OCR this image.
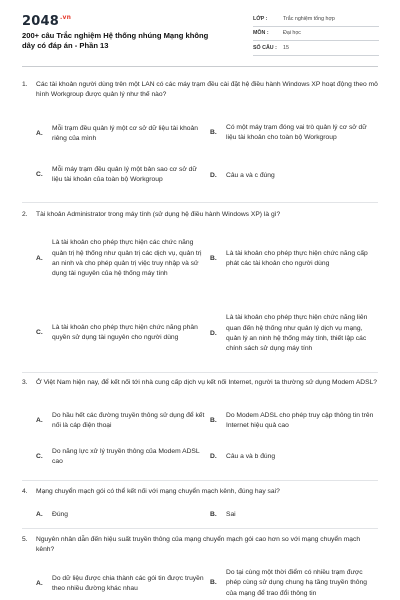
$2048^{.vn}$
200+ câu Trắc nghiệm Hệ thống nhúng Mạng không dây có đáp án - Phần 13
LỚP :	Trắc nghiệm tổng hợp
MÔN :	Đại học
SỐ CÂU :	15
1.	Các tài khoản người dùng trên một LAN có các máy trạm đều cài đặt hệ điều hành Windows XP hoạt động theo mô hình Workgroup được quản lý như thế nào?
A.
Mỗi trạm đều quản lý một cơ sở dữ liệu tài khoản riêng của mình
B.
Có một máy trạm đóng vai trò quản lý cơ sở dữ liệu tài khoản cho toàn bộ Workgroup
C.
Mỗi máy trạm đều quản lý một bản sao cơ sở dữ liệu tài khoản của toàn bộ Workgroup
D.	Câu a và c đúng
2.	Tài khoản Administrator trong máy tính (sử dụng hệ điều hành Windows XP) là gì?
A.
Là tài khoản cho phép thực hiện các chức năng quản trị hệ thống như quản trị các dịch vụ, quản trị an ninh và cho phép quản trị việc truy nhập và sử dụng tài nguyên của hệ thống máy tính
B.
Là tài khoản cho phép thực hiện chức năng cấp phát các tài khoản cho người dùng
C.
Là tài khoản cho phép thực hiện chức năng phân quyền sử dụng tài nguyên cho người dùng
D.
Là tài khoản cho phép thực hiện chức năng liên quan đến hệ thống như quản lý dịch vụ mạng, quản lý an ninh hệ thống máy tính, thiết lập các chính sách sử dụng máy tính
3.	Ở Việt Nam hiện nay, để kết nối tới nhà cung cấp dịch vụ kết nối Internet, người ta thường sử dụng Modem ADSL?
A.
Do hầu hết các đường truyền thông sử dụng để kết nối là cáp điện thoại
B.
Do Modem ADSL cho phép truy cập thông tin trên Internet hiệu quả cao
C.
Do năng lực xử lý truyền thông của Modem ADSL cao
D.	Câu a và b đúng
4.	Mạng chuyển mạch gói có thể kết nối với mạng chuyển mạch kênh, đúng hay sai?
A.	Đúng	B.	Sai
5.	Nguyên nhân dẫn đến hiệu suất truyền thông của mạng chuyển mạch gói cao hơn so với mạng chuyển mạch kênh?
A.
Do dữ liệu được chia thành các gói tin được truyền theo nhiều đường khác nhau
B.
Do tại cùng một thời điểm có nhiều trạm được phép cùng sử dụng chung hạ tầng truyền thông của mạng để trao đổi thông tin
